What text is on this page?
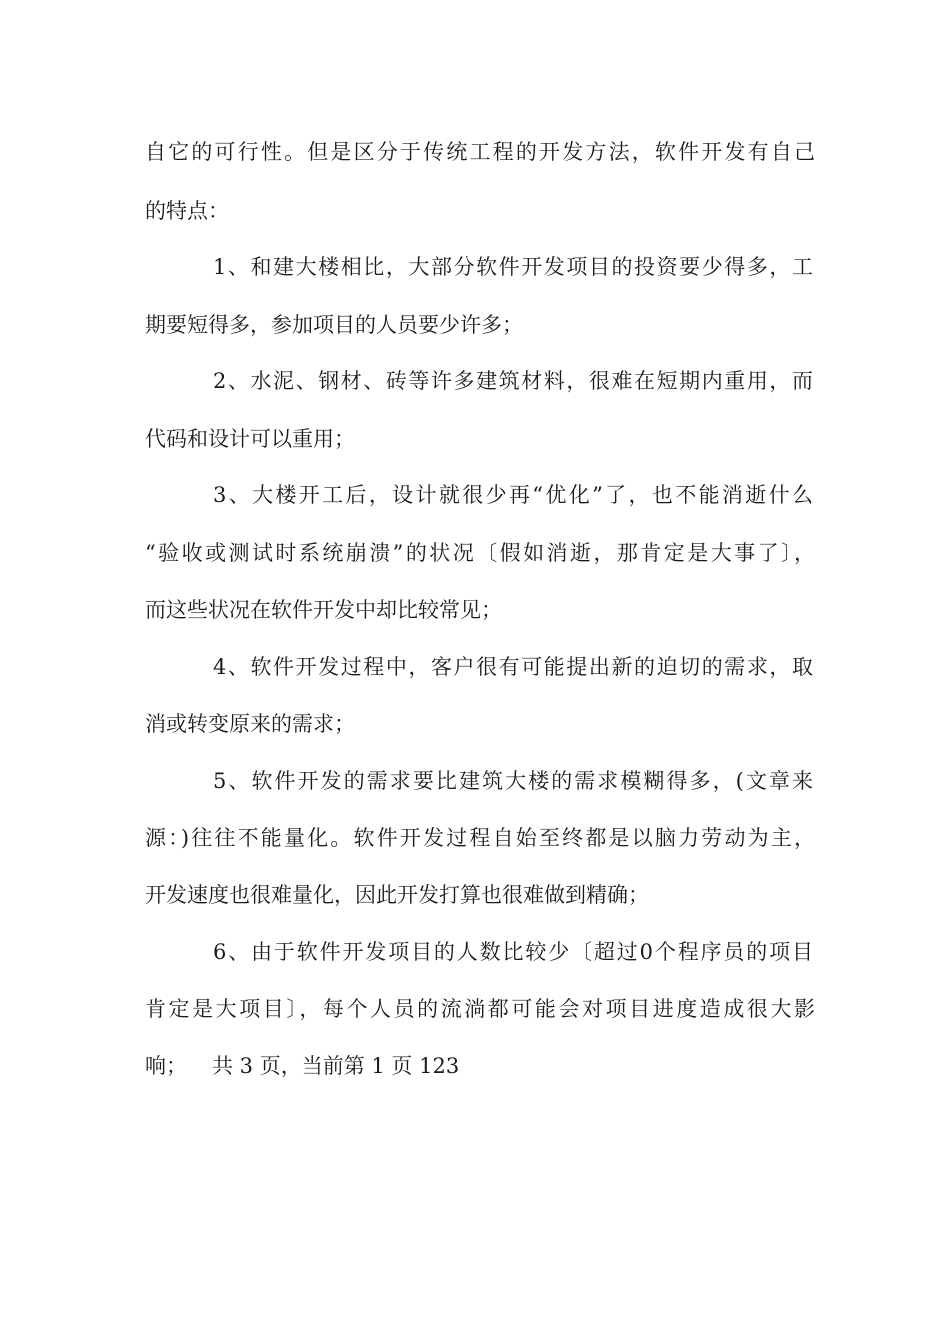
自它的可行性。但是区分于传统工程的开发方法，软件开发有自己
的特点：
1、和建大楼相比，大部分软件开发项目的投资要少得多，工
期要短得多，参加项目的人员要少许多；
2、水泥、钢材、砖等许多建筑材料，很难在短期内重用，而
代码和设计可以重用；
3、大楼开工后，设计就很少再“优化”了，也不能消逝什么
“验收或测试时系统崩溃”的状况〔假如消逝，那肯定是大事了〕，
而这些状况在软件开发中却比较常见；
4、软件开发过程中，客户很有可能提出新的迫切的需求，取
消或转变原来的需求；
5、软件开发的需求要比建筑大楼的需求模糊得多，(文章来
源：)往往不能量化。软件开发过程自始至终都是以脑力劳动为主，
开发速度也很难量化，因此开发打算也很难做到精确；
6、由于软件开发项目的人数比较少〔超过0个程序员的项目
肯定是大项目〕，每个人员的流淌都可能会对项目进度造成很大影
响；	共 3 页，当前第 1 页 123
